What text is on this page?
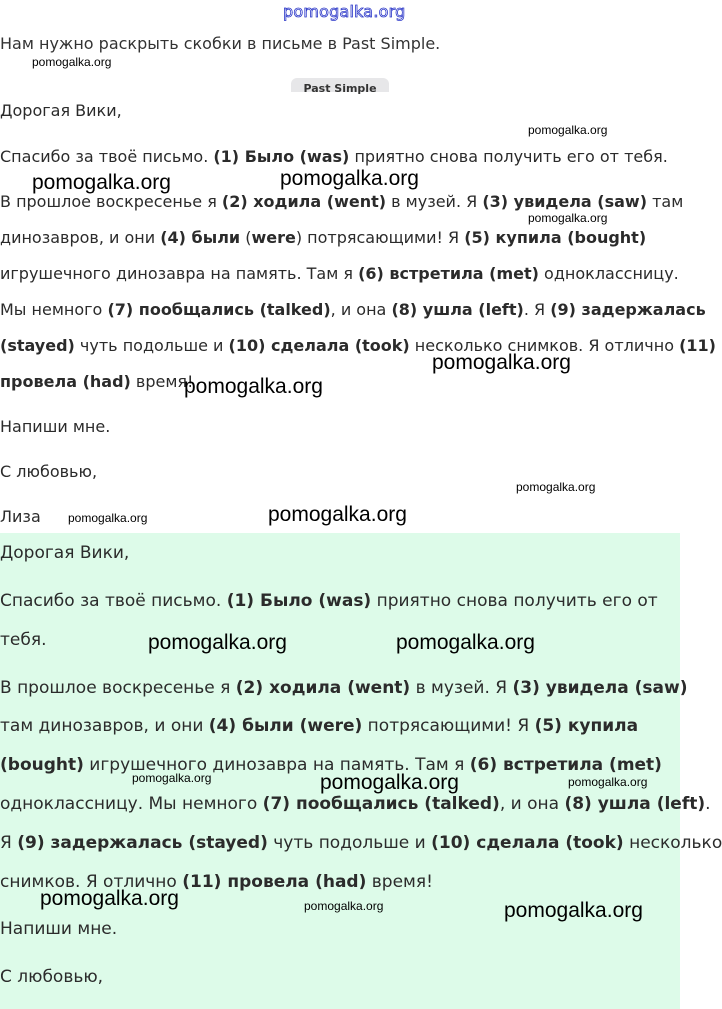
pomogalka.org
Нам нужно раскрыть скобки в письме в Past Simple.
Past Simple
Дорогая Вики,
Спасибо за твоё письмо. (1) Было (was) приятно снова получить его от тебя.
В прошлое воскресенье я (2) ходила (went) в музей. Я (3) увидела (saw) там
динозавров, и они (4) были (were) потрясающими! Я (5) купила (bought)
игрушечного динозавра на память. Там я (6) встретила (met) одноклассницу.
Мы немного (7) пообщались (talked), и она (8) ушла (left). Я (9) задержалась
(stayed) чуть подольше и (10) сделала (took) несколько снимков. Я отлично (11)
провела (had) время!
Напиши мне.
С любовью,
Лиза
Дорогая Вики,
Спасибо за твоё письмо. (1) Было (was) приятно снова получить его от
тебя.
В прошлое воскресенье я (2) ходила (went) в музей. Я (3) увидела (saw)
там динозавров, и они (4) были (were) потрясающими! Я (5) купила
(bought) игрушечного динозавра на память. Там я (6) встретила (met)
одноклассницу. Мы немного (7) пообщались (talked), и она (8) ушла (left).
Я (9) задержалась (stayed) чуть подольше и (10) сделала (took) несколько
снимков. Я отлично (11) провела (had) время!
Напиши мне.
С любовью,
pomogalka.org
pomogalka.org
pomogalka.org	pomogalka.org
pomogalka.org
pomogalka.org
pomogalka.org
pomogalka.org
pomogalka.org	pomogalka.org
pomogalka.org	pomogalka.org
pomogalka.org	pomogalka.org	pomogalka.org
pomogalka.org	pomogalka.org	pomogalka.org
